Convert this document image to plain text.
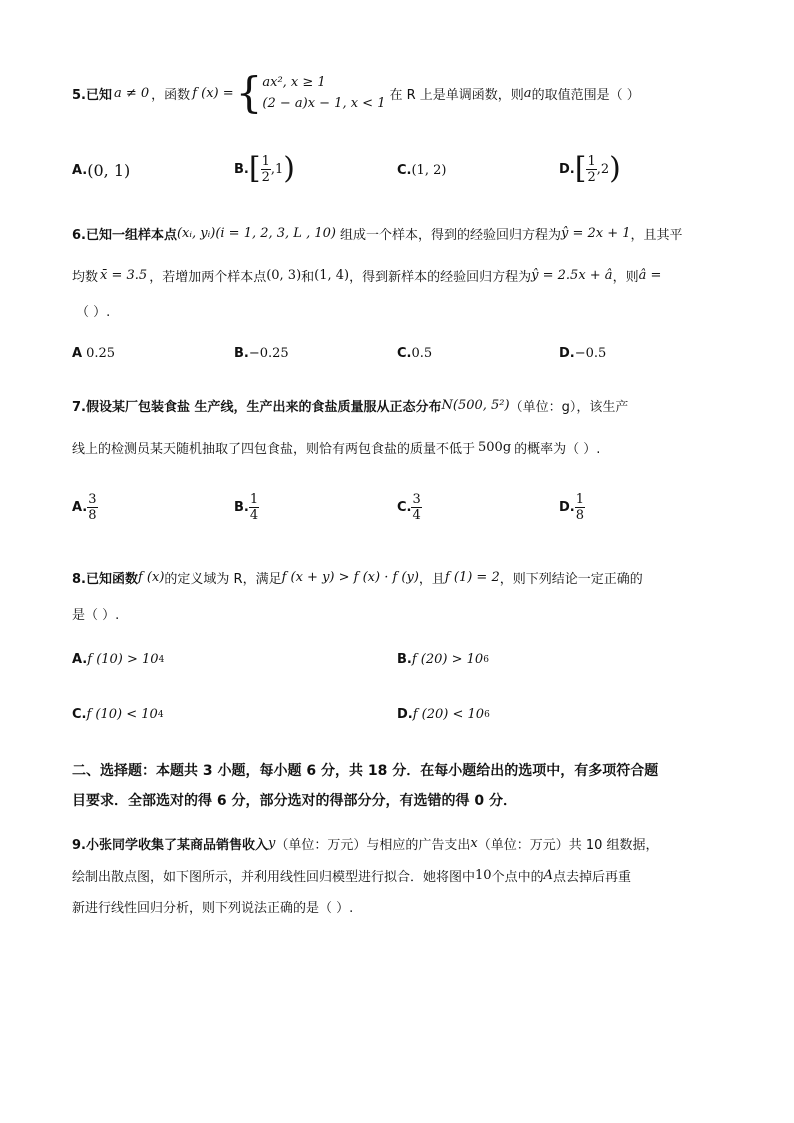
5.已知 a ≠ 0 ，函数 f (x) = { ax², x ≥ 1
(2 − a)x − 1, x < 1
在 R 上是单调函数，则 a 的取值范围是（ ）
A. (0, 1)	B. [ $\frac{1}{2} ,1$ )	C. (1, 2)	D. [ $\frac{1}{2} ,2$ )
6.已知一组样本点 (xᵢ, yᵢ) (i = 1, 2, 3, L , 10) 组成一个样本，得到的经验回归方程为 ŷ = 2x + 1 ，且其平
均数 x̄ = 3.5 ，若增加两个样本点 (0, 3) 和 (1, 4) ，得到新样本的经验回归方程为 ŷ = 2.5x + â ，则 â =
（ ）.
A 0.25	B. −0.25	C. 0.5	D. −0.5
7.假设某厂包装食盐 生产线，生产出来的食盐质量服从正态分布 N(500, 5²) （单位：g），该生产
线上的检测员某天随机抽取了四包食盐，则恰有两包食盐的质量不低于 500g 的概率为（ ）.
A. $\frac{3}{8}$	B. $\frac{1}{4}$	C. $\frac{3}{4}$	D. $\frac{1}{8}$
8.已知函数 f (x) 的定义域为 R，满足 f (x + y) > f (x) · f (y) ，且 f (1) = 2 ，则下列结论一定正确的
是（ ）.
A. f (10) > 10 4	B. f (20) > 10 6
C. f (10) < 10 4	D. f (20) < 10 6
二、选择题：本题共 3 小题，每小题 6 分，共 18 分．在每小题给出的选项中，有多项符合题
目要求．全部选对的得 6 分，部分选对的得部分分，有选错的得 0 分．
9.小张同学收集了某商品销售收入 y （单位：万元）与相应的广告支出 x （单位：万元）共 10 组数据，
绘制出散点图，如下图所示，并利用线性回归模型进行拟合．她将图中 10 个点中的 A 点去掉后再重
新进行线性回归分析，则下列说法正确的是（ ）.
